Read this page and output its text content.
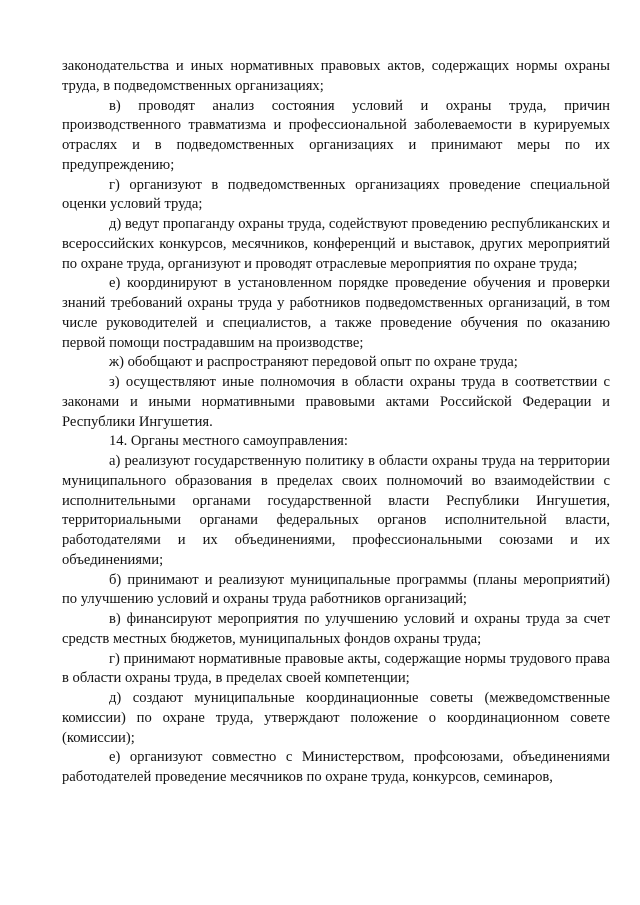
законодательства и иных нормативных правовых актов, содержащих нормы охраны труда, в подведомственных организациях;

в) проводят анализ состояния условий и охраны труда, причин производственного травматизма и профессиональной заболеваемости в курируемых отраслях и в подведомственных организациях и принимают меры по их предупреждению;

г) организуют в подведомственных организациях проведение специальной оценки условий труда;

д) ведут пропаганду охраны труда, содействуют проведению республиканских и всероссийских конкурсов, месячников, конференций и выставок, других мероприятий по охране труда, организуют и проводят отраслевые мероприятия по охране труда;

е) координируют в установленном порядке проведение обучения и проверки знаний требований охраны труда у работников подведомственных организаций, в том числе руководителей и специалистов, а также проведение обучения по оказанию первой помощи пострадавшим на производстве;

ж) обобщают и распространяют передовой опыт по охране труда;

з) осуществляют иные полномочия в области охраны труда в соответствии с законами и иными нормативными правовыми актами Российской Федерации и Республики Ингушетия.

14. Органы местного самоуправления:

а) реализуют государственную политику в области охраны труда на территории муниципального образования в пределах своих полномочий во взаимодействии с исполнительными органами государственной власти Республики Ингушетия, территориальными органами федеральных органов исполнительной власти, работодателями и их объединениями, профессиональными союзами и их объединениями;

б) принимают и реализуют муниципальные программы (планы мероприятий) по улучшению условий и охраны труда работников организаций;

в) финансируют мероприятия по улучшению условий и охраны труда за счет средств местных бюджетов, муниципальных фондов охраны труда;

г) принимают нормативные правовые акты, содержащие нормы трудового права в области охраны труда, в пределах своей компетенции;

д) создают муниципальные координационные советы (межведомственные комиссии) по охране труда, утверждают положение о координационном совете (комиссии);

е) организуют совместно с Министерством, профсоюзами, объединениями работодателей проведение месячников по охране труда, конкурсов, семинаров,
